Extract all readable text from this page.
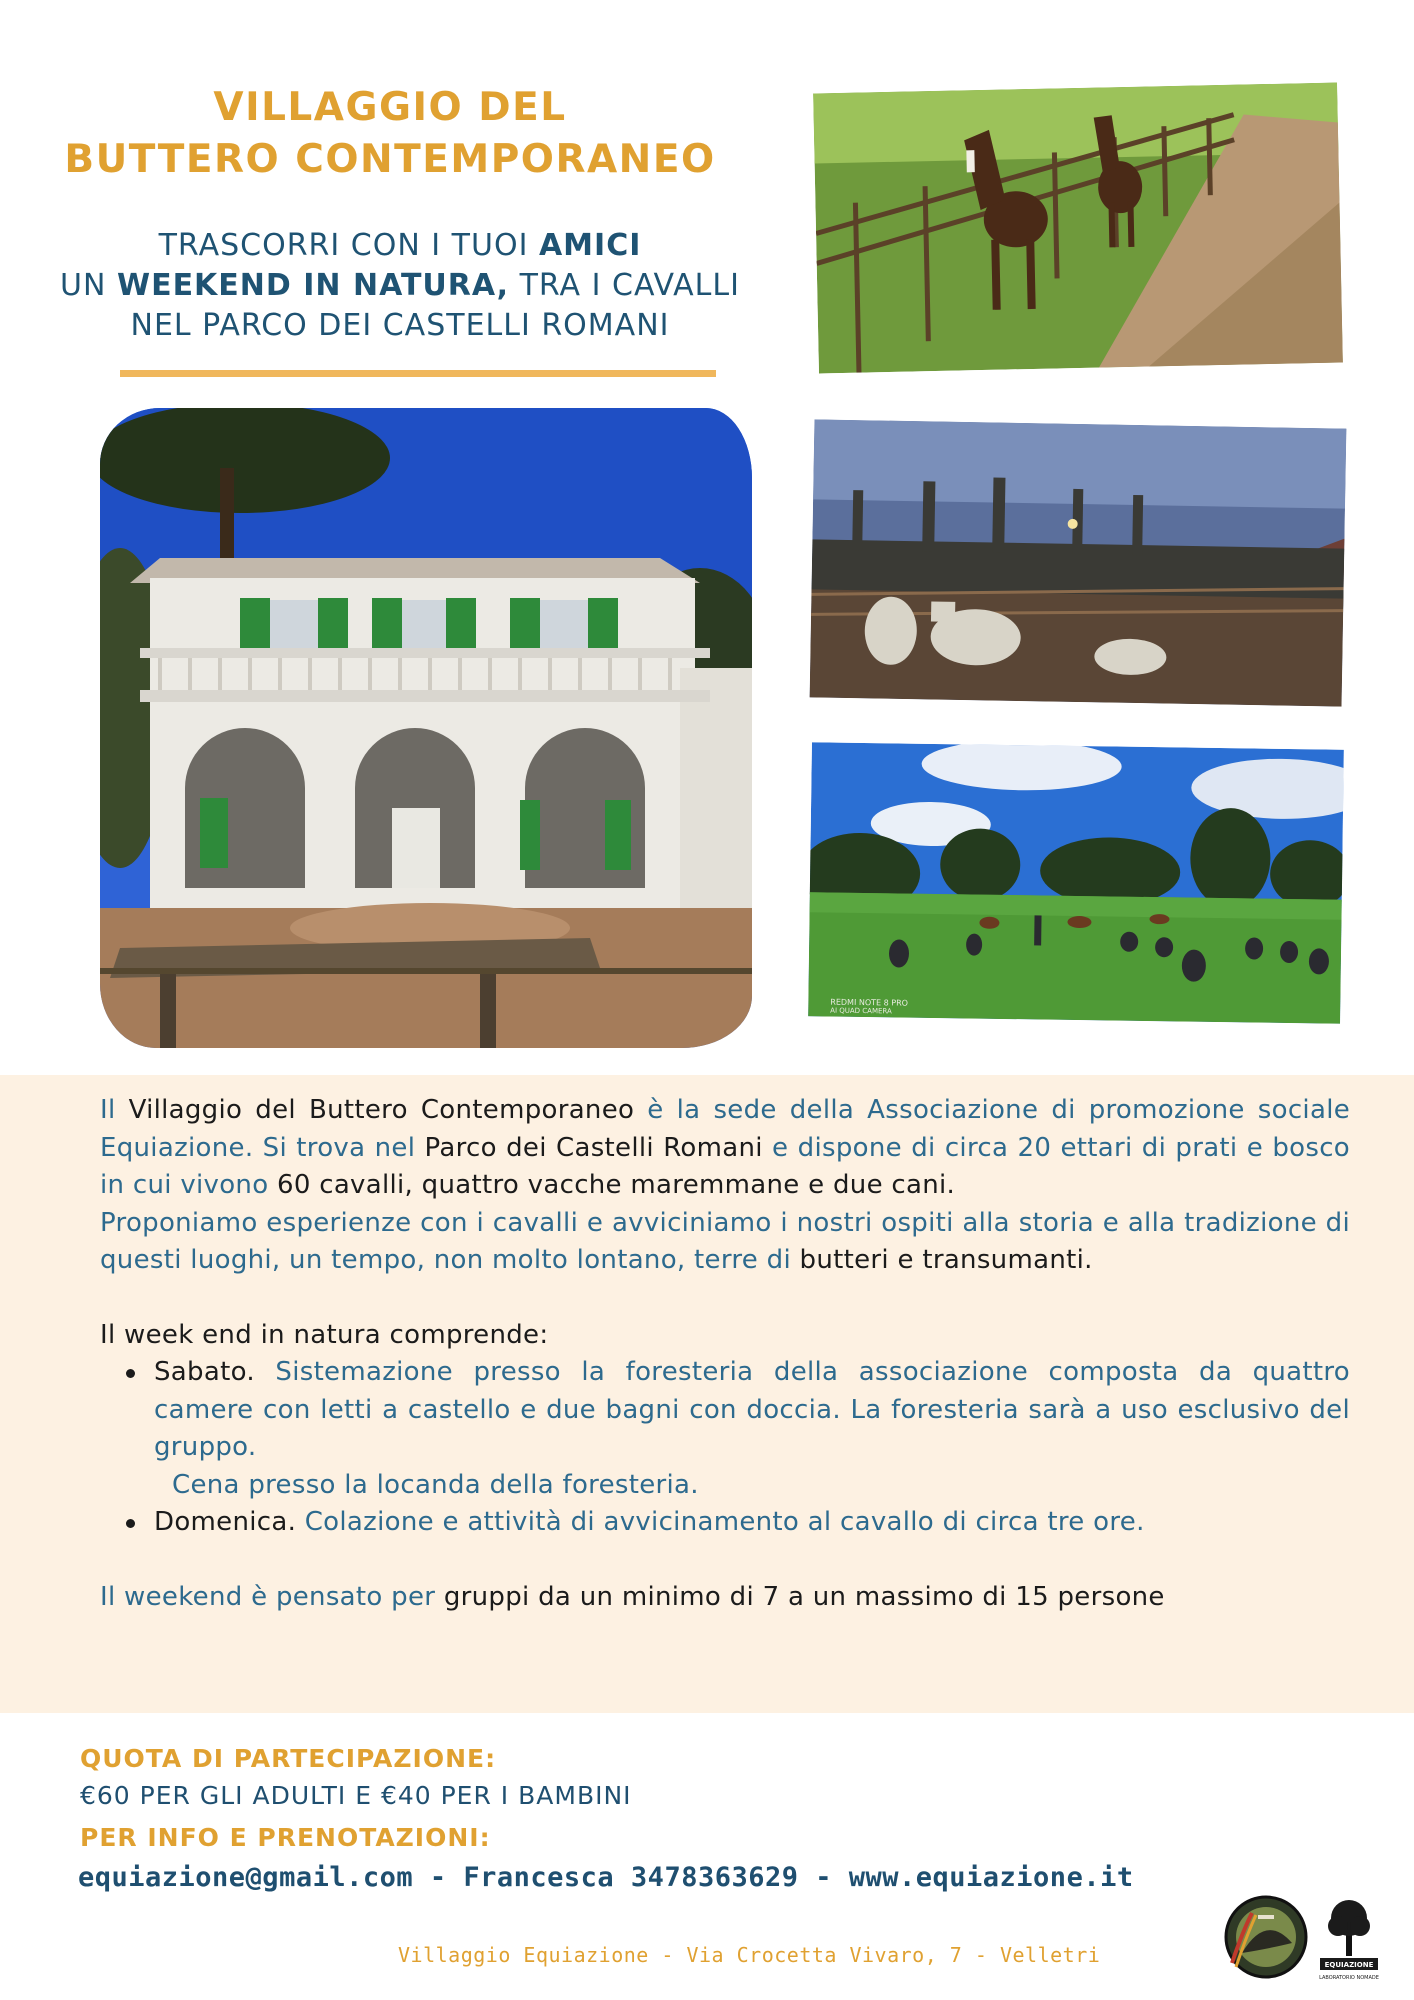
VILLAGGIO DEL
BUTTERO CONTEMPORANEO
TRASCORRI CON I TUOI AMICI
UN WEEKEND IN NATURA, TRA I CAVALLI
NEL PARCO DEI CASTELLI ROMANI
REDMI NOTE 8 PRO
AI QUAD CAMERA

Il Villaggio del Buttero Contemporaneo è la sede della Associazione di promozione sociale Equiazione. Si trova nel Parco dei Castelli Romani e dispone di circa 20 ettari di prati e bosco in cui vivono 60 cavalli, quattro vacche maremmane e due cani.

Proponiamo esperienze con i cavalli e avviciniamo i nostri ospiti alla storia e alla tradizione di questi luoghi, un tempo, non molto lontano, terre di butteri e transumanti.

Il week end in natura comprende:

Sabato. Sistemazione presso la foresteria della associazione composta da quattro camere con letti a castello e due bagni con doccia. La foresteria sarà a uso esclusivo del gruppo.
Cena presso la locanda della foresteria.
Domenica. Colazione e attività di avvicinamento al cavallo di circa tre ore.

Il weekend è pensato per gruppi da un minimo di 7 a un massimo di 15 persone

QUOTA DI PARTECIPAZIONE:
€60 PER GLI ADULTI E €40 PER I BAMBINI
PER INFO E PRENOTAZIONI:
equiazione@gmail.com - Francesca 3478363629 - www.equiazione.it
Villaggio Equiazione - Via Crocetta Vivaro, 7 - Velletri	EQUIAZIONE
LABORATORIO NOMADE
